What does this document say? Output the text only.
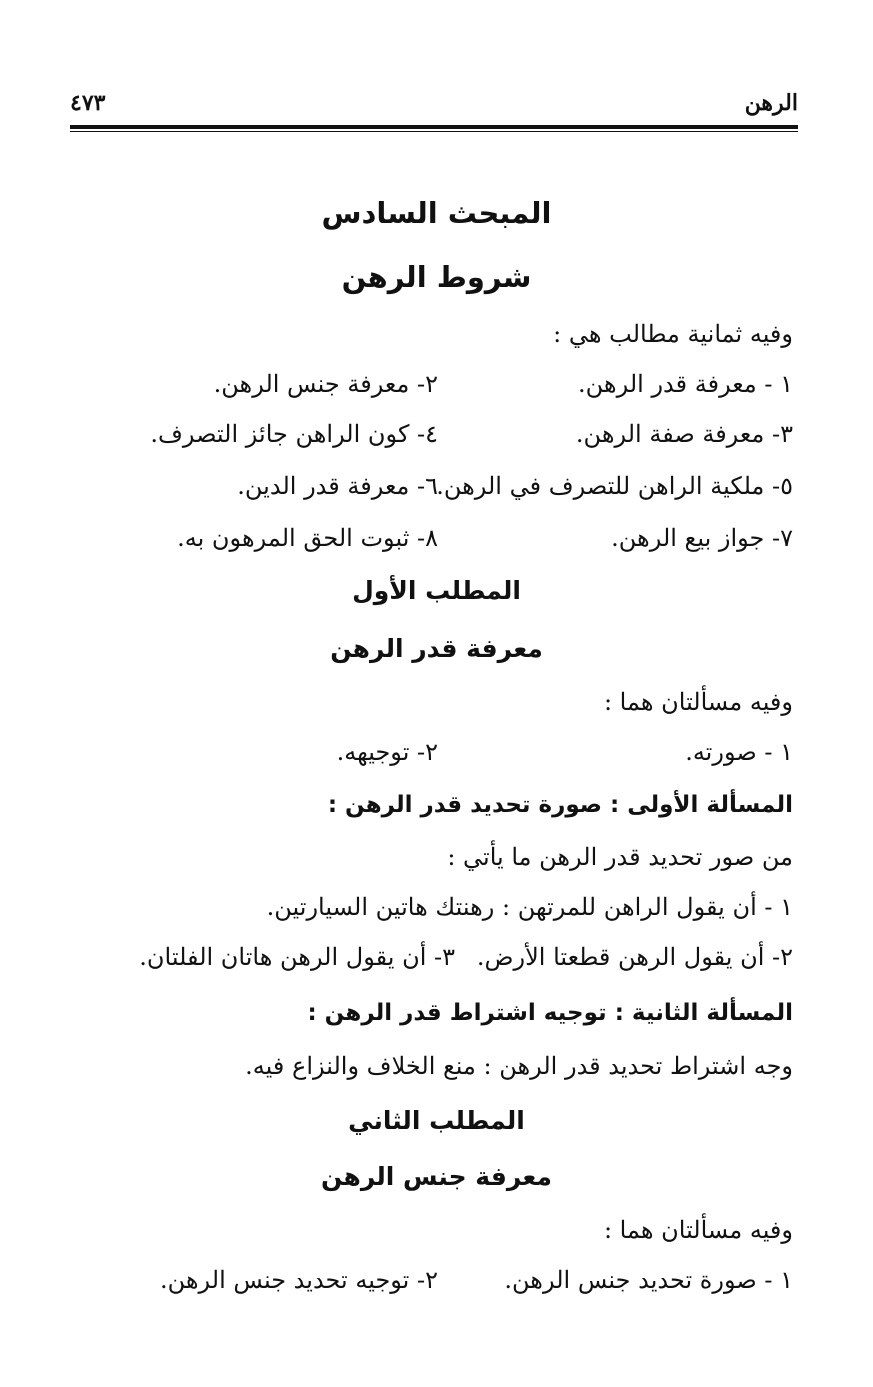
٤٧٣	الرهن
المبحث السادس
شروط الرهن
وفيه ثمانية مطالب هي :
١ - معرفة قدر الرهن.
٢- معرفة جنس الرهن.
٣- معرفة صفة الرهن.
٤- كون الراهن جائز التصرف.
٥- ملكية الراهن للتصرف في الرهن.
٦- معرفة قدر الدين.
٧- جواز بيع الرهن.
٨- ثبوت الحق المرهون به.
المطلب الأول
معرفة قدر الرهن
وفيه مسألتان هما :
١ - صورته.
٢- توجيهه.
المسألة الأولى : صورة تحديد قدر الرهن :
من صور تحديد قدر الرهن ما يأتي :
١ - أن يقول الراهن للمرتهن : رهنتك هاتين السيارتين.
٢- أن يقول الرهن قطعتا الأرض.
٣- أن يقول الرهن هاتان الفلتان.
المسألة الثانية : توجيه اشتراط قدر الرهن :
وجه اشتراط تحديد قدر الرهن : منع الخلاف والنزاع فيه.
المطلب الثاني
معرفة جنس الرهن
وفيه مسألتان هما :
١ - صورة تحديد جنس الرهن.
٢- توجيه تحديد جنس الرهن.
